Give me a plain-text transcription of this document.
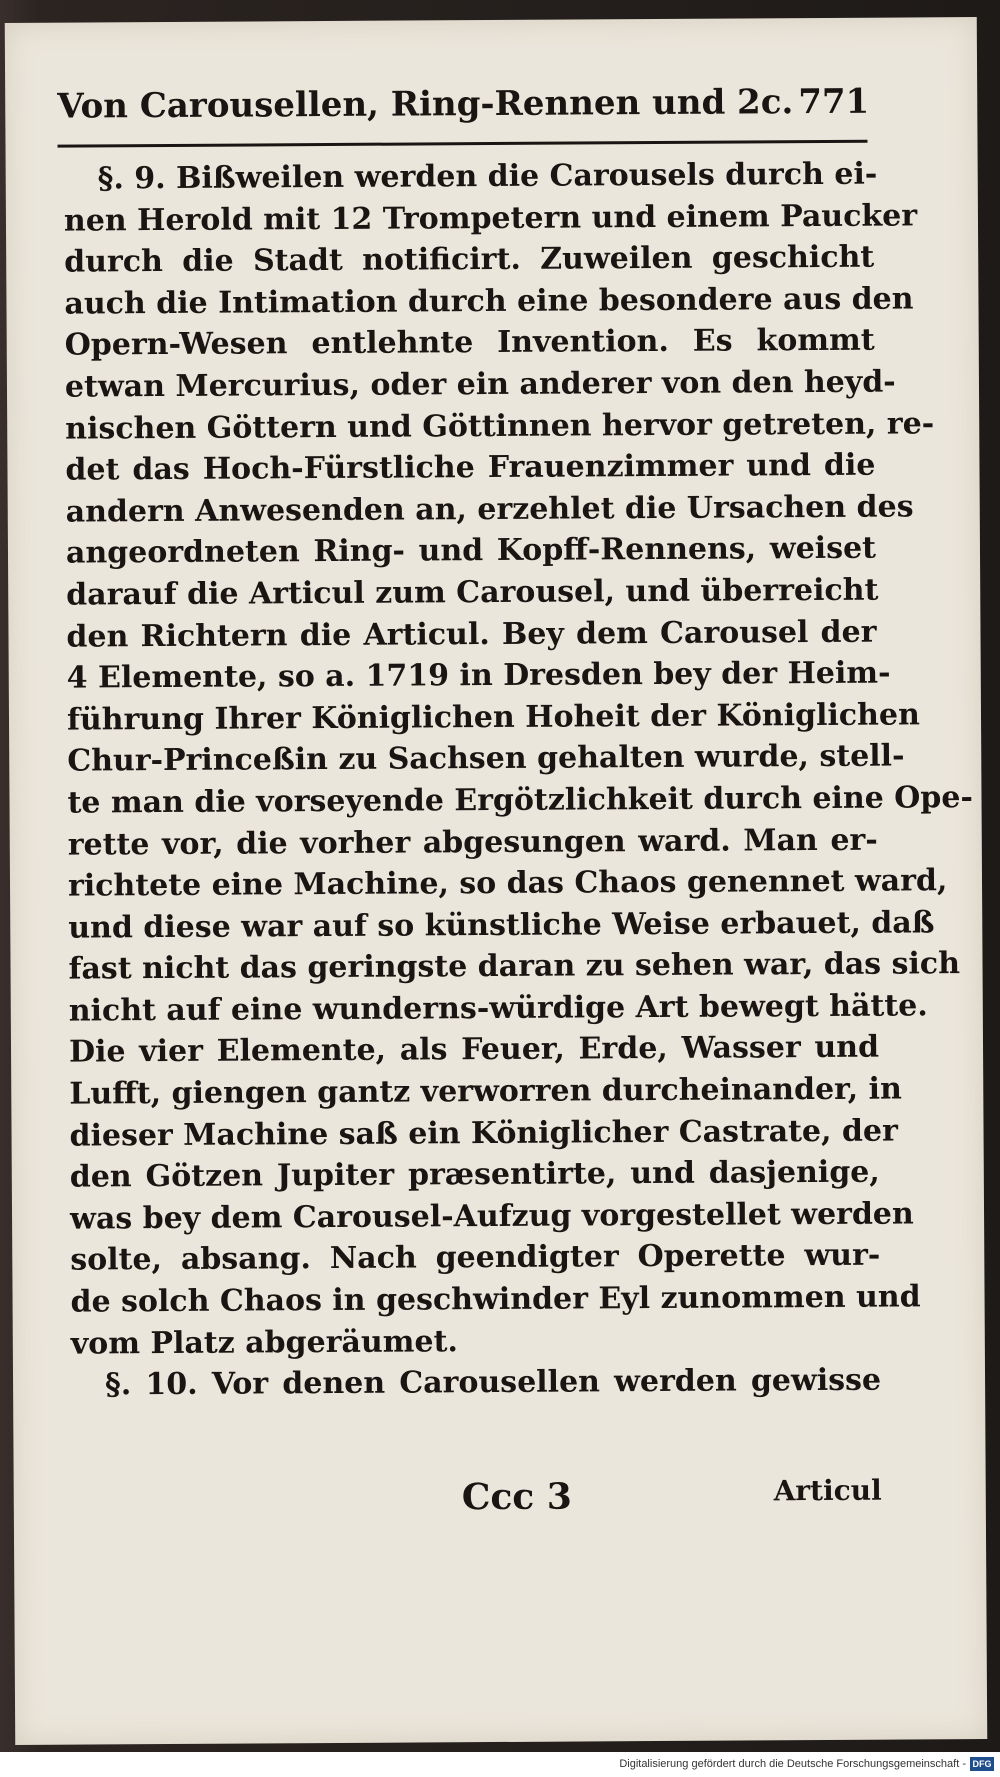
Von Carousellen, Ring-Rennen und 2c. 771
§. 9. Bißweilen werden die Carousels durch ei-
nen Herold mit 12 Trompetern und einem Paucker
durch die Stadt notificirt. Zuweilen geschicht
auch die Intimation durch eine besondere aus den
Opern-Wesen entlehnte Invention. Es kommt
etwan Mercurius, oder ein anderer von den heyd-
nischen Göttern und Göttinnen hervor getreten, re-
det das Hoch-Fürstliche Frauenzimmer und die
andern Anwesenden an, erzehlet die Ursachen des
angeordneten Ring- und Kopff-Rennens, weiset
darauf die Articul zum Carousel, und überreicht
den Richtern die Articul. Bey dem Carousel der
4 Elemente, so a. 1719 in Dresden bey der Heim-
führung Ihrer Königlichen Hoheit der Königlichen
Chur-Princeßin zu Sachsen gehalten wurde, stell-
te man die vorseyende Ergötzlichkeit durch eine Ope-
rette vor, die vorher abgesungen ward. Man er-
richtete eine Machine, so das Chaos genennet ward,
und diese war auf so künstliche Weise erbauet, daß
fast nicht das geringste daran zu sehen war, das sich
nicht auf eine wunderns-würdige Art bewegt hätte.
Die vier Elemente, als Feuer, Erde, Wasser und
Lufft, giengen gantz verworren durcheinander, in
dieser Machine saß ein Königlicher Castrate, der
den Götzen Jupiter præsentirte, und dasjenige,
was bey dem Carousel-Aufzug vorgestellet werden
solte, absang. Nach geendigter Operette wur-
de solch Chaos in geschwinder Eyl zunommen und
vom Platz abgeräumet.
§. 10. Vor denen Carousellen werden gewisse
Ccc 3	Articul
Digitalisierung gefördert durch die Deutsche Forschungsgemeinschaft - DFG
